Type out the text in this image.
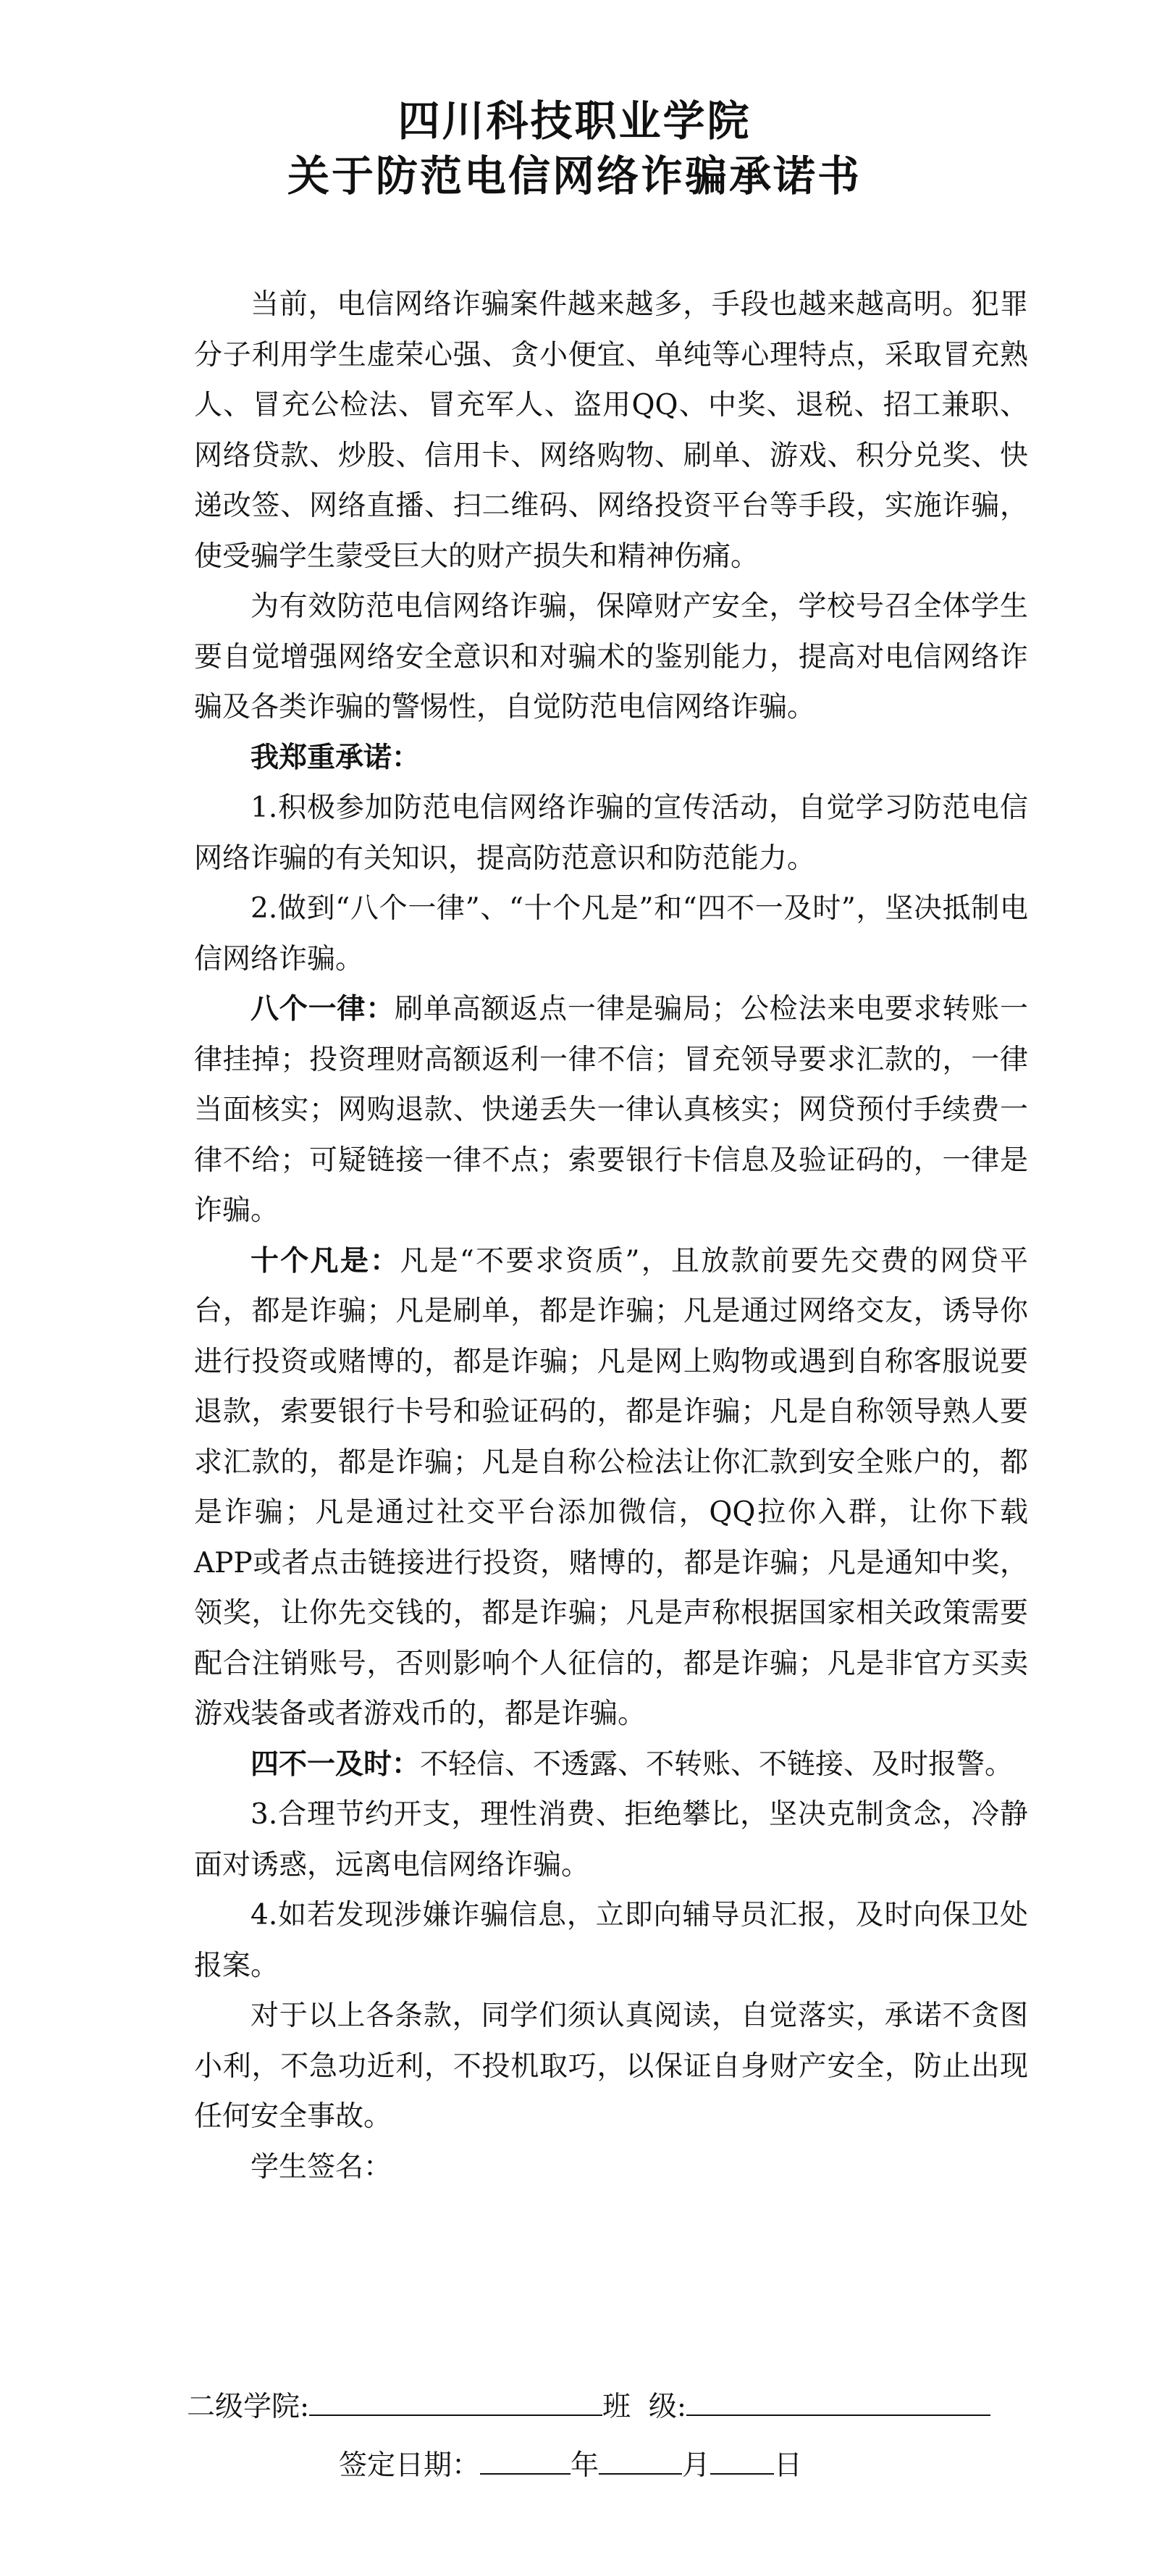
四川科技职业学院
关于防范电信网络诈骗承诺书

当前，电信网络诈骗案件越来越多，手段也越来越高明。犯罪分子利用学生虚荣心强、贪小便宜、单纯等心理特点，采取冒充熟人、冒充公检法、冒充军人、盗用QQ、中奖、退税、招工兼职、网络贷款、炒股、信用卡、网络购物、刷单、游戏、积分兑奖、快递改签、网络直播、扫二维码、网络投资平台等手段，实施诈骗，使受骗学生蒙受巨大的财产损失和精神伤痛。

为有效防范电信网络诈骗，保障财产安全，学校号召全体学生要自觉增强网络安全意识和对骗术的鉴别能力，提高对电信网络诈骗及各类诈骗的警惕性，自觉防范电信网络诈骗。

我郑重承诺：

1.积极参加防范电信网络诈骗的宣传活动，自觉学习防范电信网络诈骗的有关知识，提高防范意识和防范能力。

2.做到“八个一律”、“十个凡是”和“四不一及时”，坚决抵制电信网络诈骗。

八个一律：刷单高额返点一律是骗局；公检法来电要求转账一律挂掉；投资理财高额返利一律不信；冒充领导要求汇款的，一律当面核实；网购退款、快递丢失一律认真核实；网贷预付手续费一律不给；可疑链接一律不点；索要银行卡信息及验证码的，一律是诈骗。

十个凡是：凡是“不要求资质”，且放款前要先交费的网贷平台，都是诈骗；凡是刷单，都是诈骗；凡是通过网络交友，诱导你进行投资或赌博的，都是诈骗；凡是网上购物或遇到自称客服说要退款，索要银行卡号和验证码的，都是诈骗；凡是自称领导熟人要求汇款的，都是诈骗；凡是自称公检法让你汇款到安全账户的，都是诈骗；凡是通过社交平台添加微信，QQ拉你入群，让你下载APP或者点击链接进行投资，赌博的，都是诈骗；凡是通知中奖，领奖，让你先交钱的，都是诈骗；凡是声称根据国家相关政策需要配合注销账号，否则影响个人征信的，都是诈骗；凡是非官方买卖游戏装备或者游戏币的，都是诈骗。

四不一及时：不轻信、不透露、不转账、不链接、及时报警。

3.合理节约开支，理性消费、拒绝攀比，坚决克制贪念，冷静面对诱惑，远离电信网络诈骗。

4.如若发现涉嫌诈骗信息，立即向辅导员汇报，及时向保卫处报案。

对于以上各条款，同学们须认真阅读，自觉落实，承诺不贪图小利，不急功近利，不投机取巧，以保证自身财产安全，防止出现任何安全事故。

学生签名：

二级学院:	班  级:
签定日期：	年	月 日
